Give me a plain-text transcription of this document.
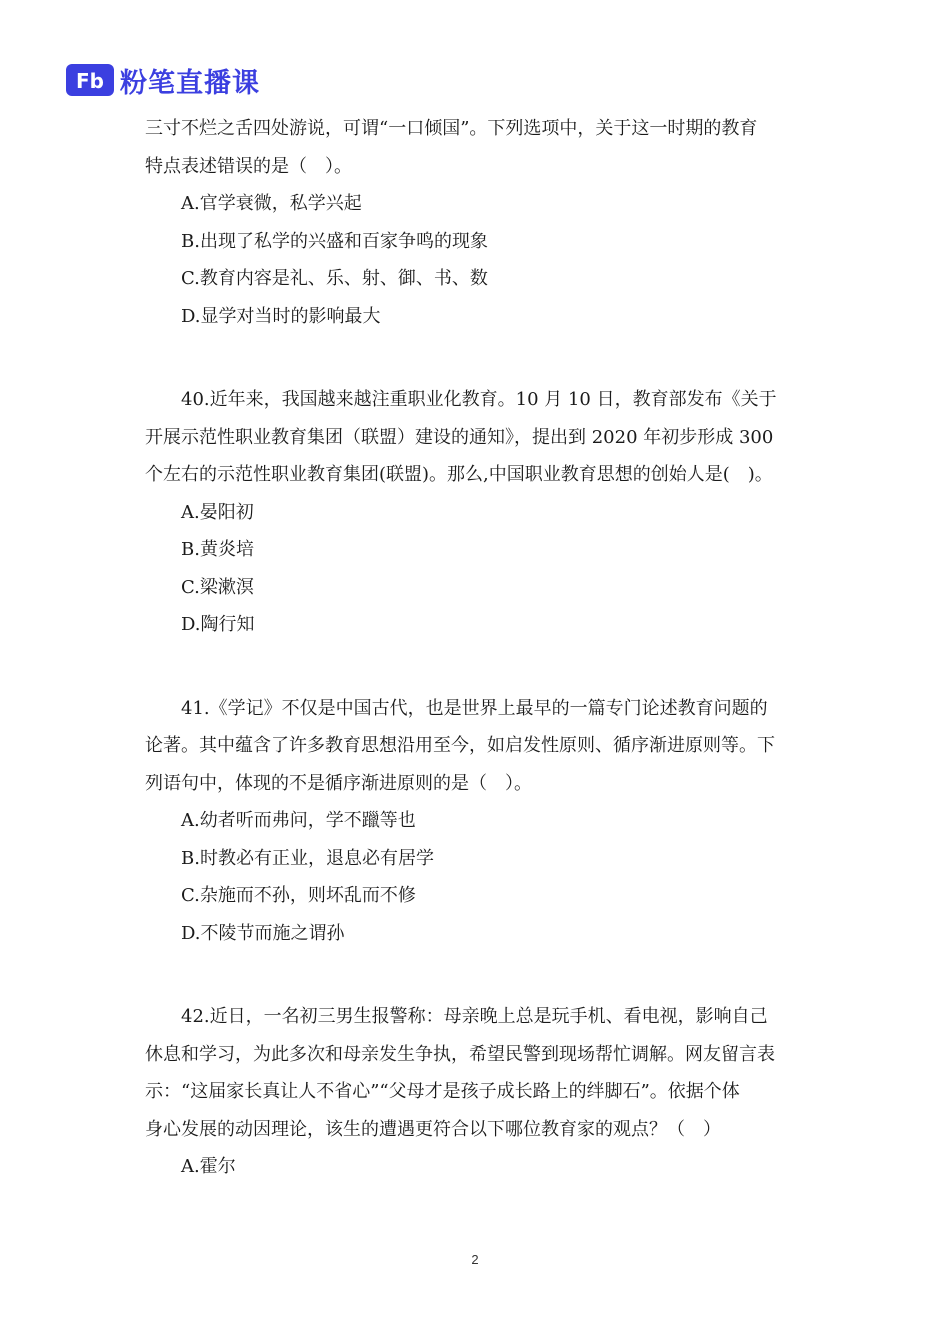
Fb 粉笔直播课
三寸不烂之舌四处游说，可谓“一口倾国”。下列选项中，关于这一时期的教育
特点表述错误的是（　）。
A.官学衰微，私学兴起
B.出现了私学的兴盛和百家争鸣的现象
C.教育内容是礼、乐、射、御、书、数
D.显学对当时的影响最大
40.近年来，我国越来越注重职业化教育。10 月 10 日，教育部发布《关于
开展示范性职业教育集团（联盟）建设的通知》，提出到 2020 年初步形成 300
个左右的示范性职业教育集团(联盟)。那么,中国职业教育思想的创始人是(　)。
A.晏阳初
B.黄炎培
C.梁漱溟
D.陶行知
41.《学记》不仅是中国古代，也是世界上最早的一篇专门论述教育问题的
论著。其中蕴含了许多教育思想沿用至今，如启发性原则、循序渐进原则等。下
列语句中，体现的不是循序渐进原则的是（　）。
A.幼者听而弗问，学不躐等也
B.时教必有正业，退息必有居学
C.杂施而不孙，则坏乱而不修
D.不陵节而施之谓孙
42.近日，一名初三男生报警称：母亲晚上总是玩手机、看电视，影响自己
休息和学习，为此多次和母亲发生争执，希望民警到现场帮忙调解。网友留言表
示：“这届家长真让人不省心”“父母才是孩子成长路上的绊脚石”。依据个体
身心发展的动因理论，该生的遭遇更符合以下哪位教育家的观点？（　）
A.霍尔
2
